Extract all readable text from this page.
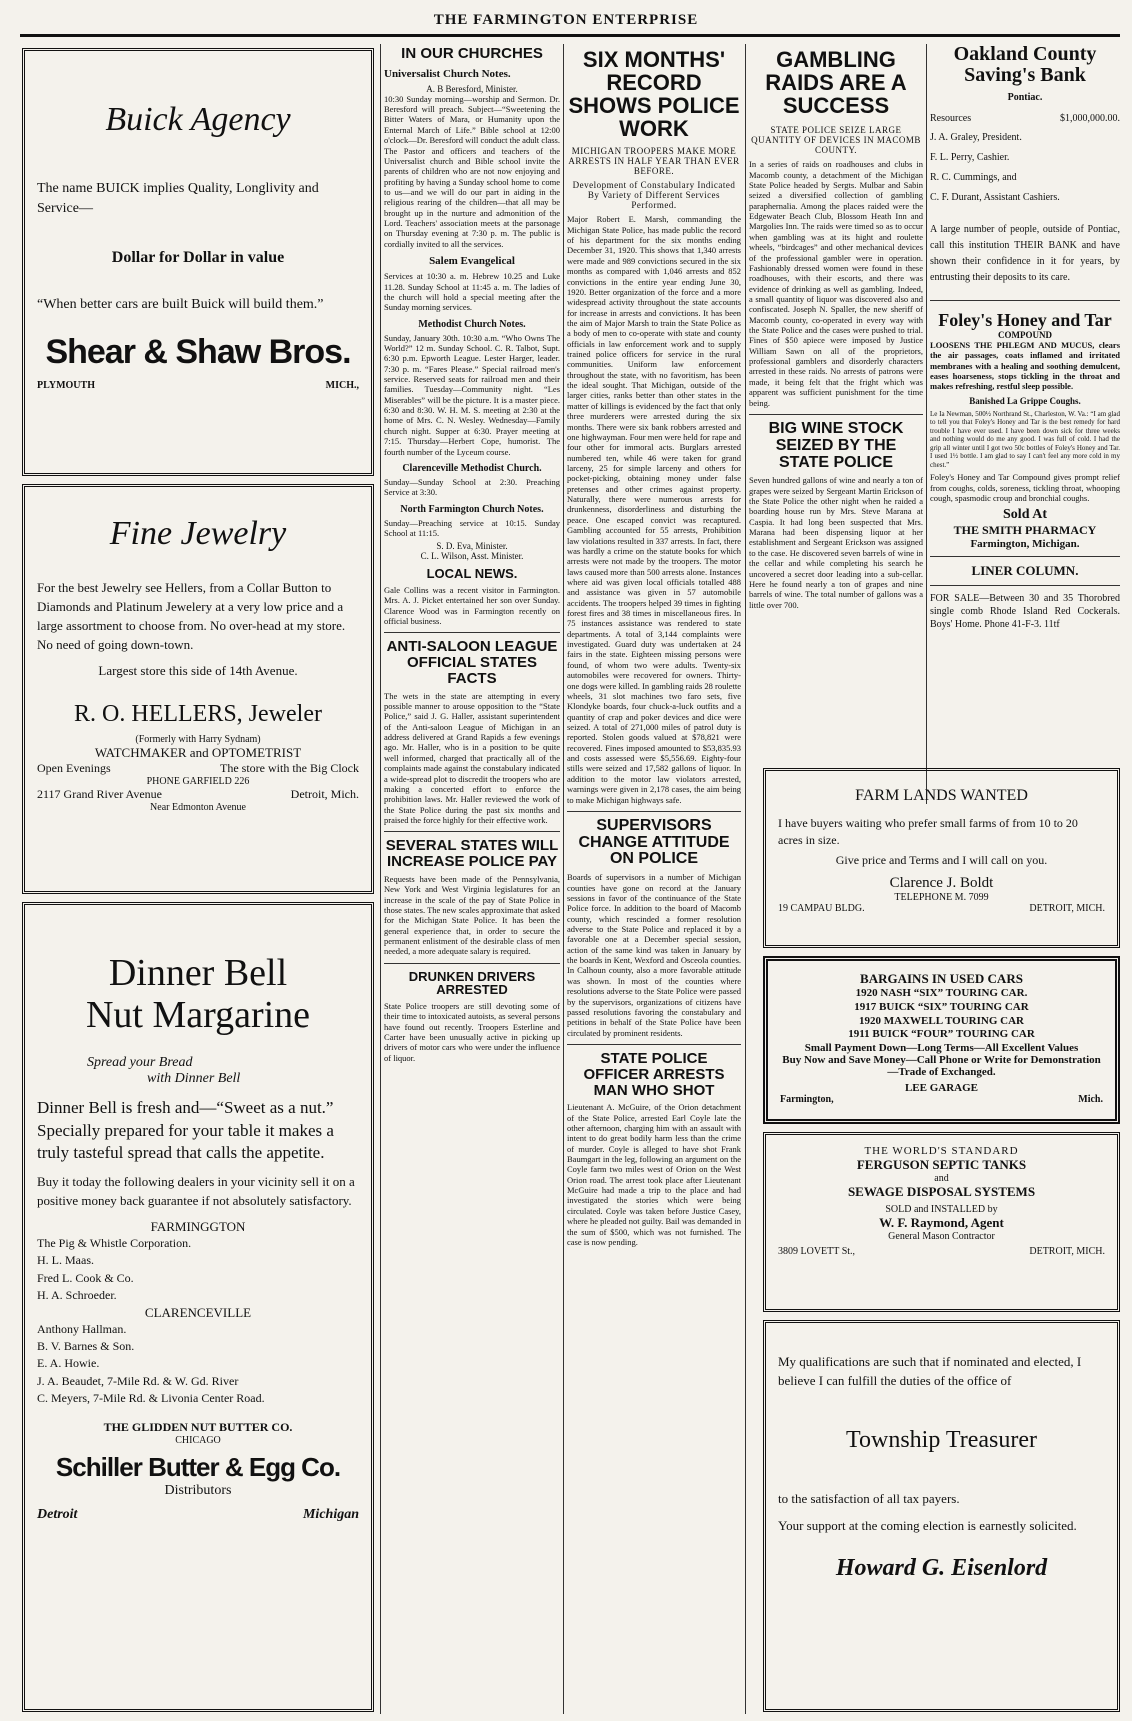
THE FARMINGTON ENTERPRISE
Buick Agency

The name BUICK implies Quality, Longlivity and Service—

Dollar for Dollar in value

“When better cars are built Buick will build them.”

Shear & Shaw Bros.
PLYMOUTH	MICH.,
Fine Jewelry

For the best Jewelry see Hellers, from a Collar Button to Diamonds and Platinum Jewelery at a very low price and a large assortment to choose from. No over-head at my store. No need of going down-town.

Largest store this side of 14th Avenue.

R. O. HELLERS, Jeweler
(Formerly with Harry Sydnam)
WATCHMAKER and OPTOMETRIST
Open Evenings	The store with the Big Clock
PHONE GARFIELD 226
2117 Grand River Avenue	Detroit, Mich.
Near Edmonton Avenue
Dinner Bell
Nut Margarine
Spread your Bread
with Dinner Bell

Dinner Bell is fresh and—“Sweet as a nut.” Specially prepared for your table it makes a truly tasteful spread that calls the appetite.

Buy it today the following dealers in your vicinity sell it on a positive money back guarantee if not absolutely satisfactory.

FARMINGGTON
The Pig & Whistle Corporation.
H. L. Maas.
Fred L. Cook & Co.
H. A. Schroeder.
CLARENCEVILLE
Anthony Hallman.
B. V. Barnes & Son.
E. A. Howie.
J. A. Beaudet, 7-Mile Rd. & W. Gd. River
C. Meyers, 7-Mile Rd. & Livonia Center Road.
THE GLIDDEN NUT BUTTER CO.
CHICAGO
Schiller Butter & Egg Co.
Distributors
Detroit	Michigan
IN OUR CHURCHES
Universalist Church Notes.
A. B Beresford, Minister.

10:30 Sunday morning—worship and Sermon. Dr. Beresford will preach. Subject—“Sweetening the Bitter Waters of Mara, or Humanity upon the Enternal March of Life.” Bible school at 12:00 o'clock—Dr. Beresford will conduct the adult class. The Pastor and officers and teachers of the Universalist church and Bible school invite the parents of children who are not now enjoying and profiting by having a Sunday school home to come to us—and we will do our part in aiding in the religious rearing of the children—that all may be brought up in the nurture and admonition of the Lord. Teachers' association meets at the parsonage on Thursday evening at 7:30 p. m. The public is cordially invited to all the services.

Salem Evangelical

Services at 10:30 a. m. Hebrew 10.25 and Luke 11.28. Sunday School at 11:45 a. m. The ladies of the church will hold a special meeting after the Sunday morning services.

Methodist Church Notes.

Sunday, January 30th. 10:30 a.m. “Who Owns The World?” 12 m. Sunday School. C. R. Talbot, Supt. 6:30 p.m. Epworth League. Lester Harger, leader. 7:30 p. m. “Fares Please.” Special railroad men's service. Reserved seats for railroad men and their families. Tuesday—Community night. “Les Miserables” will be the picture. It is a master piece. 6:30 and 8:30. W. H. M. S. meeting at 2:30 at the home of Mrs. C. N. Wesley. Wednesday—Family church night. Supper at 6:30. Prayer meeting at 7:15. Thursday—Herbert Cope, humorist. The fourth number of the Lyceum course.

Clarenceville Methodist Church.

Sunday—Sunday School at 2:30. Preaching Service at 3:30.

North Farmington Church Notes.

Sunday—Preaching service at 10:15. Sunday School at 11:15.

S. D. Eva, Minister.
C. L. Wilson, Asst. Minister.
LOCAL NEWS.

Gale Collins was a recent visitor in Farmington. Mrs. A. J. Picket entertained her son over Sunday. Clarence Wood was in Farmington recently on official business.

ANTI-SALOON LEAGUE OFFICIAL STATES FACTS

The wets in the state are attempting in every possible manner to arouse opposition to the “State Police,” said J. G. Haller, assistant superintendent of the Anti-saloon League of Michigan in an address delivered at Grand Rapids a few evenings ago. Mr. Haller, who is in a position to be quite well informed, charged that practically all of the complaints made against the constabulary indicated a wide-spread plot to discredit the troopers who are making a concerted effort to enforce the prohibition laws. Mr. Haller reviewed the work of the State Police during the past six months and praised the force highly for their effective work.

SEVERAL STATES WILL INCREASE POLICE PAY

Requests have been made of the Pennsylvania, New York and West Virginia legislatures for an increase in the scale of the pay of State Police in those states. The new scales approximate that asked for the Michigan State Police. It has been the general experience that, in order to secure the permanent enlistment of the desirable class of men needed, a more adequate salary is required.

DRUNKEN DRIVERS ARRESTED

State Police troopers are still devoting some of their time to intoxicated autoists, as several persons have found out recently. Troopers Esterline and Carter have been unusually active in picking up drivers of motor cars who were under the influence of liquor.

SIX MONTHS' RECORD SHOWS POLICE WORK
MICHIGAN TROOPERS MAKE MORE ARRESTS IN HALF YEAR THAN EVER BEFORE.
Development of Constabulary Indicated By Variety of Different Services Performed.

Major Robert E. Marsh, commanding the Michigan State Police, has made public the record of his department for the six months ending December 31, 1920. This shows that 1,340 arrests were made and 989 convictions secured in the six months as compared with 1,046 arrests and 852 convictions in the entire year ending June 30, 1920. Better organization of the force and a more widespread activity throughout the state accounts for increase in arrests and convictions. It has been the aim of Major Marsh to train the State Police as a body of men to co-operate with state and county officials in law enforcement work and to supply trained police officers for service in the rural communities. Uniform law enforcement throughout the state, with no favoritism, has been the ideal sought. That Michigan, outside of the larger cities, ranks better than other states in the matter of killings is evidenced by the fact that only three murderers were arrested during the six months. There were six bank robbers arrested and one highwayman. Four men were held for rape and four other for immoral acts. Burglars arrested numbered ten, while 46 were taken for grand larceny, 25 for simple larceny and others for pocket-picking, obtaining money under false pretenses and other crimes against property. Naturally, there were numerous arrests for drunkenness, disorderliness and disturbing the peace. One escaped convict was recaptured. Gambling accounted for 55 arrests, Prohibition law violations resulted in 337 arrests. In fact, there was hardly a crime on the statute books for which arrests were not made by the troopers. The motor laws caused more than 500 arrests alone. Instances where aid was given local officials totalled 488 and assistance was given in 57 automobile accidents. The troopers helped 39 times in fighting forest fires and 38 times in miscellaneous fires. In 75 instances assistance was rendered to state departments. A total of 3,144 complaints were investigated. Guard duty was undertaken at 24 fairs in the state. Eighteen missing persons were found, of whom two were adults. Twenty-six automobiles were recovered for owners. Thirty-one dogs were killed. In gambling raids 28 roulette wheels, 31 slot machines two faro sets, five Klondyke boards, four chuck-a-luck outfits and a quantity of crap and poker devices and dice were seized. A total of 271,000 miles of patrol duty is reported. Stolen goods valued at $78,821 were recovered. Fines imposed amounted to $53,835.93 and costs assessed were $5,556.69. Eighty-four stills were seized and 17,582 gallons of liquor. In addition to the motor law violators arrested, warnings were given in 2,178 cases, the aim being to make Michigan highways safe.

SUPERVISORS CHANGE ATTITUDE ON POLICE

Boards of supervisors in a number of Michigan counties have gone on record at the January sessions in favor of the continuance of the State Police force. In addition to the board of Macomb county, which rescinded a former resolution adverse to the State Police and replaced it by a favorable one at a December special session, action of the same kind was taken in January by the boards in Kent, Wexford and Osceola counties. In Calhoun county, also a more favorable attitude was shown. In most of the counties where resolutions adverse to the State Police were passed by the supervisors, organizations of citizens have passed resolutions favoring the constabulary and petitions in behalf of the State Police have been circulated by prominent residents.

STATE POLICE OFFICER ARRESTS MAN WHO SHOT

Lieutenant A. McGuire, of the Orion detachment of the State Police, arrested Earl Coyle late the other afternoon, charging him with an assault with intent to do great bodily harm less than the crime of murder. Coyle is alleged to have shot Frank Baumgart in the leg, following an argument on the Coyle farm two miles west of Orion on the West Orion road. The arrest took place after Lieutenant McGuire had made a trip to the place and had investigated the stories which were being circulated. Coyle was taken before Justice Casey, where he pleaded not guilty. Bail was demanded in the sum of $500, which was not furnished. The case is now pending.

GAMBLING RAIDS ARE A SUCCESS
STATE POLICE SEIZE LARGE QUANTITY OF DEVICES IN MACOMB COUNTY.

In a series of raids on roadhouses and clubs in Macomb county, a detachment of the Michigan State Police headed by Sergts. Mulbar and Sabin seized a diversified collection of gambling paraphernalia. Among the places raided were the Edgewater Beach Club, Blossom Heath Inn and Margolies Inn. The raids were timed so as to occur when gambling was at its hight and roulette wheels, “birdcages” and other mechanical devices of the professional gambler were in operation. Fashionably dressed women were found in these roadhouses, with their escorts, and there was evidence of drinking as well as gambling. Indeed, a small quantity of liquor was discovered also and confiscated. Joseph N. Spaller, the new sheriff of Macomb county, co-operated in every way with the State Police and the cases were pushed to trial. Fines of $50 apiece were imposed by Justice William Sawn on all of the proprietors, professional gamblers and disorderly characters arrested in these raids. No arrests of patrons were made, it being felt that the fright which was apparent was sufficient punishment for the time being.

BIG WINE STOCK SEIZED BY THE STATE POLICE

Seven hundred gallons of wine and nearly a ton of grapes were seized by Sergeant Martin Erickson of the State Police the other night when he raided a boarding house run by Mrs. Steve Marana at Caspia. It had long been suspected that Mrs. Marana had been dispensing liquor at her establishment and Sergeant Erickson was assigned to the case. He discovered seven barrels of wine in the cellar and while completing his search he uncovered a secret door leading into a sub-cellar. Here he found nearly a ton of grapes and nine barrels of wine. The total number of gallons was a little over 700.

Oakland County
Saving's Bank
Pontiac.
Resources	$1,000,000.00.
J. A. Graley, President.
F. L. Perry, Cashier.
R. C. Cummings, and
C. F. Durant, Assistant Cashiers.

A large number of people, outside of Pontiac, call this institution THEIR BANK and have shown their confidence in it for years, by entrusting their deposits to its care.

Foley's Honey and Tar
COMPOUND

LOOSENS THE PHLEGM AND MUCUS, clears the air passages, coats inflamed and irritated membranes with a healing and soothing demulcent, eases hoarseness, stops tickling in the throat and makes refreshing, restful sleep possible.

Banished La Grippe Coughs.

Le Ia Newman, 500½ Northrand St., Charleston, W. Va.: “I am glad to tell you that Foley's Honey and Tar is the best remedy for hard trouble I have ever used. I have been down sick for three weeks and nothing would do me any good. I was full of cold. I had the grip all winter until I got two 50c bottles of Foley's Honey and Tar. I used 1½ bottle. I am glad to say I can't feel any more cold in my chest.”

Foley's Honey and Tar Compound gives prompt relief from coughs, colds, soreness, tickling throat, whooping cough, spasmodic croup and bronchial coughs.

Sold At
THE SMITH PHARMACY
Farmington, Michigan.
LINER COLUMN.

FOR SALE—Between 30 and 35 Thorobred single comb Rhode Island Red Cockerals. Boys' Home. Phone 41-F-3. 11tf

FARM LANDS WANTED

I have buyers waiting who prefer small farms of from 10 to 20 acres in size.

Give price and Terms and I will call on you.

Clarence J. Boldt
TELEPHONE M. 7099
19 CAMPAU BLDG.	DETROIT, MICH.
BARGAINS IN USED CARS
1920 NASH “SIX” TOURING CAR.
1917 BUICK “SIX” TOURING CAR
1920 MAXWELL TOURING CAR
1911 BUICK “FOUR” TOURING CAR
Small Payment Down—Long Terms—All Excellent Values
Buy Now and Save Money—Call Phone or Write for Demonstration—Trade of Exchanged.
LEE GARAGE
Farmington,	Mich.
THE WORLD'S STANDARD
FERGUSON SEPTIC TANKS
and
SEWAGE DISPOSAL SYSTEMS
SOLD and INSTALLED by
W. F. Raymond, Agent
General Mason Contractor
3809 LOVETT St.,	DETROIT, MICH.

My qualifications are such that if nominated and elected, I believe I can fulfill the duties of the office of

Township Treasurer

to the satisfaction of all tax payers.

Your support at the coming election is earnestly solicited.

Howard G. Eisenlord
